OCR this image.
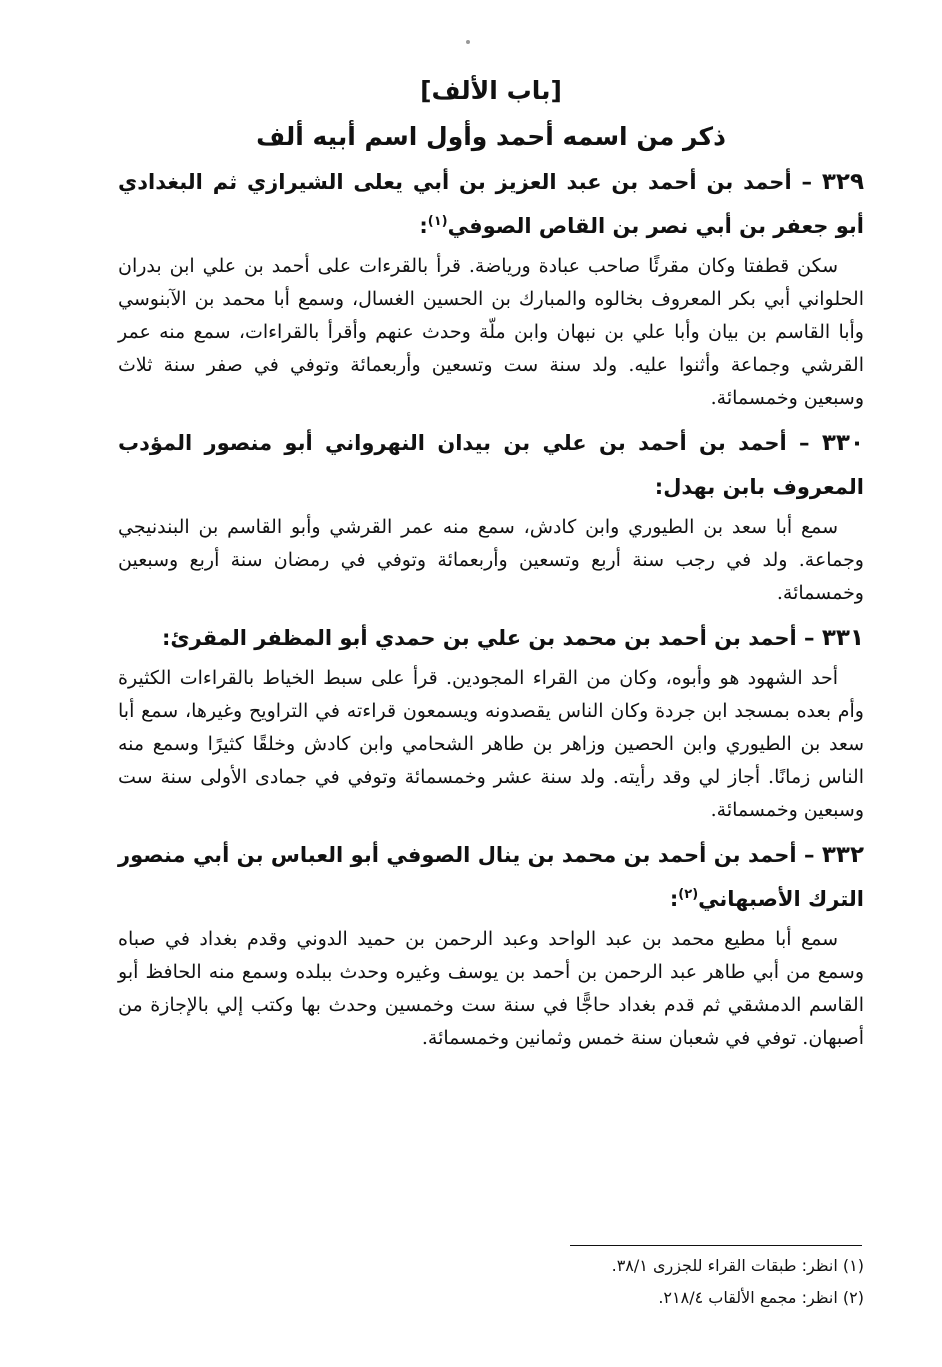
[باب الألف]

ذكر من اسمه أحمد وأول اسم أبيه ألف

٣٢٩ – أحمد بن أحمد بن عبد العزيز بن أبي يعلى الشيرازي ثم البغدادي أبو جعفر بن أبي نصر بن القاص الصوفي$^{(١)}$:

سكن قطفتا وكان مقرئًا صاحب عبادة ورياضة. قرأ بالقرءات على أحمد بن علي ابن بدران الحلواني أبي بكر المعروف بخالوه والمبارك بن الحسين الغسال، وسمع أبا محمد بن الآبنوسي وأبا القاسم بن بيان وأبا علي بن نبهان وابن ملّة وحدث عنهم وأقرأ بالقراءات، سمع منه عمر القرشي وجماعة وأثنوا عليه. ولد سنة ست وتسعين وأربعمائة وتوفي في صفر سنة ثلاث وسبعين وخمسمائة.

٣٣٠ – أحمد بن أحمد بن علي بن بيدان النهرواني أبو منصور المؤدب المعروف بابن بهدل:

سمع أبا سعد بن الطيوري وابن كادش، سمع منه عمر القرشي وأبو القاسم بن البندنيجي وجماعة. ولد في رجب سنة أربع وتسعين وأربعمائة وتوفي في رمضان سنة أربع وسبعين وخمسمائة.

٣٣١ – أحمد بن أحمد بن محمد بن علي بن حمدي أبو المظفر المقرئ:

أحد الشهود هو وأبوه، وكان من القراء المجودين. قرأ على سبط الخياط بالقراءات الكثيرة وأم بعده بمسجد ابن جردة وكان الناس يقصدونه ويسمعون قراءته في التراويح وغيرها، سمع أبا سعد بن الطيوري وابن الحصين وزاهر بن طاهر الشحامي وابن كادش وخلقًا كثيرًا وسمع منه الناس زمانًا. أجاز لي وقد رأيته. ولد سنة عشر وخمسمائة وتوفي في جمادى الأولى سنة ست وسبعين وخمسمائة.

٣٣٢ – أحمد بن أحمد بن محمد بن ينال الصوفي أبو العباس بن أبي منصور الترك الأصبهاني$^{(٢)}$:

سمع أبا مطيع محمد بن عبد الواحد وعبد الرحمن بن حميد الدوني وقدم بغداد في صباه وسمع من أبي طاهر عبد الرحمن بن أحمد بن يوسف وغيره وحدث ببلده وسمع منه الحافظ أبو القاسم الدمشقي ثم قدم بغداد حاجًّا في سنة ست وخمسين وحدث بها وكتب إلي بالإجازة من أصبهان. توفي في شعبان سنة خمس وثمانين وخمسمائة.

(١) انظر: طبقات القراء للجزرى ٣٨/١.

(٢) انظر: مجمع الألقاب ٢١٨/٤.
